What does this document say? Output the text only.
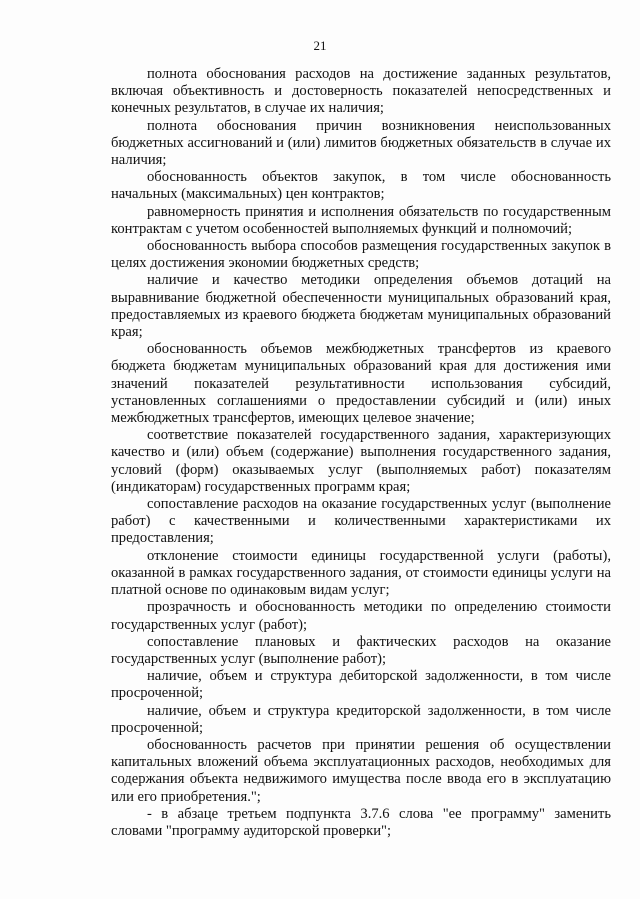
21

полнота обоснования расходов на достижение заданных результатов, включая объективность и достоверность показателей непосредственных и конечных результатов, в случае их наличия;

полнота обоснования причин возникновения неиспользованных бюджетных ассигнований и (или) лимитов бюджетных обязательств в случае их наличия;

обоснованность объектов закупок, в том числе обоснованность начальных (максимальных) цен контрактов;

равномерность принятия и исполнения обязательств по государственным контрактам с учетом особенностей выполняемых функций и полномочий;

обоснованность выбора способов размещения государственных закупок в целях достижения экономии бюджетных средств;

наличие и качество методики определения объемов дотаций на выравнивание бюджетной обеспеченности муниципальных образований края, предоставляемых из краевого бюджета бюджетам муниципальных образований края;

обоснованность объемов межбюджетных трансфертов из краевого бюджета бюджетам муниципальных образований края для достижения ими значений показателей результативности использования субсидий, установленных соглашениями о предоставлении субсидий и (или) иных межбюджетных трансфертов, имеющих целевое значение;

соответствие показателей государственного задания, характеризующих качество и (или) объем (содержание) выполнения государственного задания, условий (форм) оказываемых услуг (выполняемых работ) показателям (индикаторам) государственных программ края;

сопоставление расходов на оказание государственных услуг (выполнение работ) с качественными и количественными характеристиками их предоставления;

отклонение стоимости единицы государственной услуги (работы), оказанной в рамках государственного задания, от стоимости единицы услуги на платной основе по одинаковым видам услуг;

прозрачность и обоснованность методики по определению стоимости государственных услуг (работ);

сопоставление плановых и фактических расходов на оказание государственных услуг (выполнение работ);

наличие, объем и структура дебиторской задолженности, в том числе просроченной;

наличие, объем и структура кредиторской задолженности, в том числе просроченной;

обоснованность расчетов при принятии решения об осуществлении капитальных вложений объема эксплуатационных расходов, необходимых для содержания объекта недвижимого имущества после ввода его в эксплуатацию или его приобретения.";

- в абзаце третьем подпункта 3.7.6 слова "ее программу" заменить словами "программу аудиторской проверки";
